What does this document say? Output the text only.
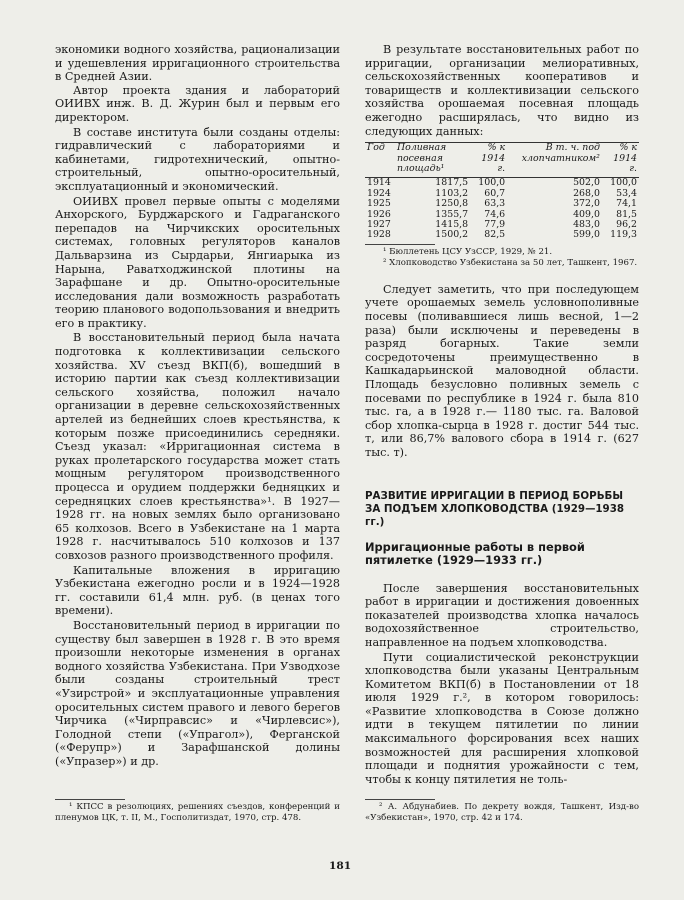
экономики водного хозяйства, рационализации и удешевления ирригационного строительства в Средней Азии.

Автор проекта здания и лабораторий ОИИВХ инж. В. Д. Журин был и первым его директором.

В составе института были созданы отделы: гидравлический с лабораториями и кабинетами, гидротехнический, опытно-строительный, опытно-оросительный, эксплуатационный и экономический.

ОИИВХ провел первые опыты с моделями Анхорского, Бурджарского и Гадраганского перепадов на Чирчикских оросительных системах, головных регуляторов каналов Дальварзина из Сырдарьи, Янгиарыка из Нарына, Раватходжинской плотины на Зарафшане и др. Опытно-оросительные исследования дали возможность разработать теорию планового водопользования и внедрить его в практику.

В восстановительный период была начата подготовка к коллективизации сельского хозяйства. XV съезд ВКП(б), вошедший в историю партии как съезд коллективизации сельского хозяйства, положил начало организации в деревне сельскохозяйственных артелей из беднейших слоев крестьянства, к которым позже присоединились середняки. Съезд указал: «Ирригационная система в руках пролетарского государства может стать мощным регулятором производственного процесса и орудием поддержки бедняцких и середняцких слоев крестьянства»¹. В 1927—1928 гг. на новых землях было организовано 65 колхозов. Всего в Узбекистане на 1 марта 1928 г. насчитывалось 510 колхозов и 137 совхозов разного производственного профиля.

Капитальные вложения в ирригацию Узбекистана ежегодно росли и в 1924—1928 гг. составили 61,4 млн. руб. (в ценах того времени).

Восстановительный период в ирригации по существу был завершен в 1928 г. В это время произошли некоторые изменения в органах водного хозяйства Узбекистана. При Узводхозе были созданы строительный трест «Узирстрой» и эксплуатационные управления оросительных систем правого и левого берегов Чирчика («Чирправсис» и «Чирлевсис»), Голодной степи («Упрагол»), Ферганской («Ферупр») и Зарафшанской долины («Упразер») и др.

¹ КПСС в резолюциях, решениях съездов, конференций и пленумов ЦК, т. II, М., Госполитиздат, 1970, стр. 478.

В результате восстановительных работ по ирригации, организации мелиоративных, сельскохозяйственных кооперативов и товариществ и коллективизации сельского хозяйства орошаемая посевная площадь ежегодно расширялась, что видно из следующих данных:

Год	Поливная посевная площадь¹	% к 1914 г.	В т. ч. под хлопчатником²	% к 1914 г.
1914	1817,5	100,0	502,0	100,0
1924	1103,2	60,7	268,0	53,4
1925	1250,8	63,3	372,0	74,1
1926	1355,7	74,6	409,0	81,5
1927	1415,8	77,9	483,0	96,2
1928	1500,2	82,5	599,0	119,3

¹ Бюллетень ЦСУ УзССР, 1929, № 21.

² Хлопководство Узбекистана за 50 лет, Ташкент, 1967.

Следует заметить, что при последующем учете орошаемых земель условнополивные посевы (поливавшиеся лишь весной, 1—2 раза) были исключены и переведены в разряд богарных. Такие земли сосредоточены преимущественно в Кашкадарьинской маловодной области. Площадь безусловно поливных земель с посевами по республике в 1924 г. была 810 тыс. га, а в 1928 г.— 1180 тыс. га. Валовой сбор хлопка-сырца в 1928 г. достиг 544 тыс. т, или 86,7% валового сбора в 1914 г. (627 тыс. т).

РАЗВИТИЕ ИРРИГАЦИИ В ПЕРИОД БОРЬБЫ ЗА ПОДЪЕМ ХЛОПКОВОДСТВА (1929—1938 гг.)
Ирригационные работы в первой пятилетке (1929—1933 гг.)

После завершения восстановительных работ в ирригации и достижения довоенных показателей производства хлопка началось водохозяйственное строительство, направленное на подъем хлопководства.

Пути социалистической реконструкции хлопководства были указаны Центральным Комитетом ВКП(б) в Постановлении от 18 июля 1929 г.², в котором говорилось: «Развитие хлопководства в Союзе должно идти в текущем пятилетии по линии максимального форсирования всех наших возможностей для расширения хлопковой площади и поднятия урожайности с тем, чтобы к концу пятилетия не толь-

² А. Абдунабиев. По декрету вождя, Ташкент, Изд-во «Узбекистан», 1970, стр. 42 и 174.

181
